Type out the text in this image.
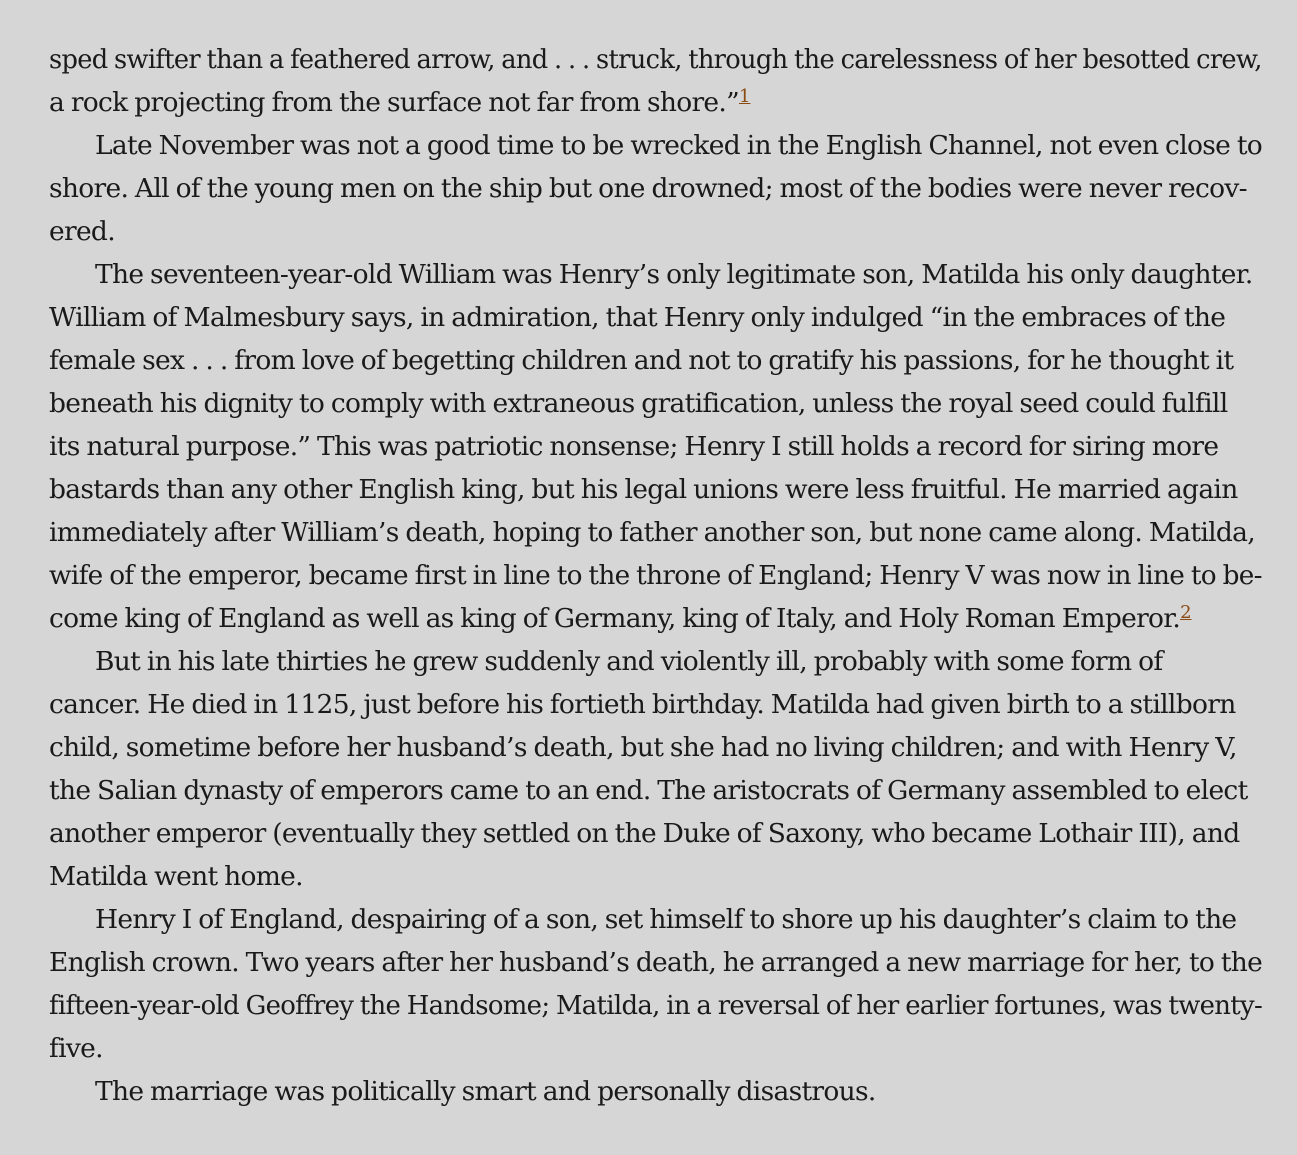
sped swifter than a feathered arrow, and . . . struck, through the carelessness of her besotted crew,
a rock projecting from the surface not far from shore.”$^1$
Late November was not a good time to be wrecked in the English Channel, not even close to
shore. All of the young men on the ship but one drowned; most of the bodies were never recov-
ered.
The seventeen-year-old William was Henry’s only legitimate son, Matilda his only daughter.
William of Malmesbury says, in admiration, that Henry only indulged “in the embraces of the
female sex . . . from love of begetting children and not to gratify his passions, for he thought it
beneath his dignity to comply with extraneous gratification, unless the royal seed could fulfill
its natural purpose.” This was patriotic nonsense; Henry I still holds a record for siring more
bastards than any other English king, but his legal unions were less fruitful. He married again
immediately after William’s death, hoping to father another son, but none came along. Matilda,
wife of the emperor, became first in line to the throne of England; Henry V was now in line to be-
come king of England as well as king of Germany, king of Italy, and Holy Roman Emperor.$^2$
But in his late thirties he grew suddenly and violently ill, probably with some form of
cancer. He died in 1125, just before his fortieth birthday. Matilda had given birth to a stillborn
child, sometime before her husband’s death, but she had no living children; and with Henry V,
the Salian dynasty of emperors came to an end. The aristocrats of Germany assembled to elect
another emperor (eventually they settled on the Duke of Saxony, who became Lothair III), and
Matilda went home.
Henry I of England, despairing of a son, set himself to shore up his daughter’s claim to the
English crown. Two years after her husband’s death, he arranged a new marriage for her, to the
fifteen-year-old Geoffrey the Handsome; Matilda, in a reversal of her earlier fortunes, was twenty-
five.
The marriage was politically smart and personally disastrous.
